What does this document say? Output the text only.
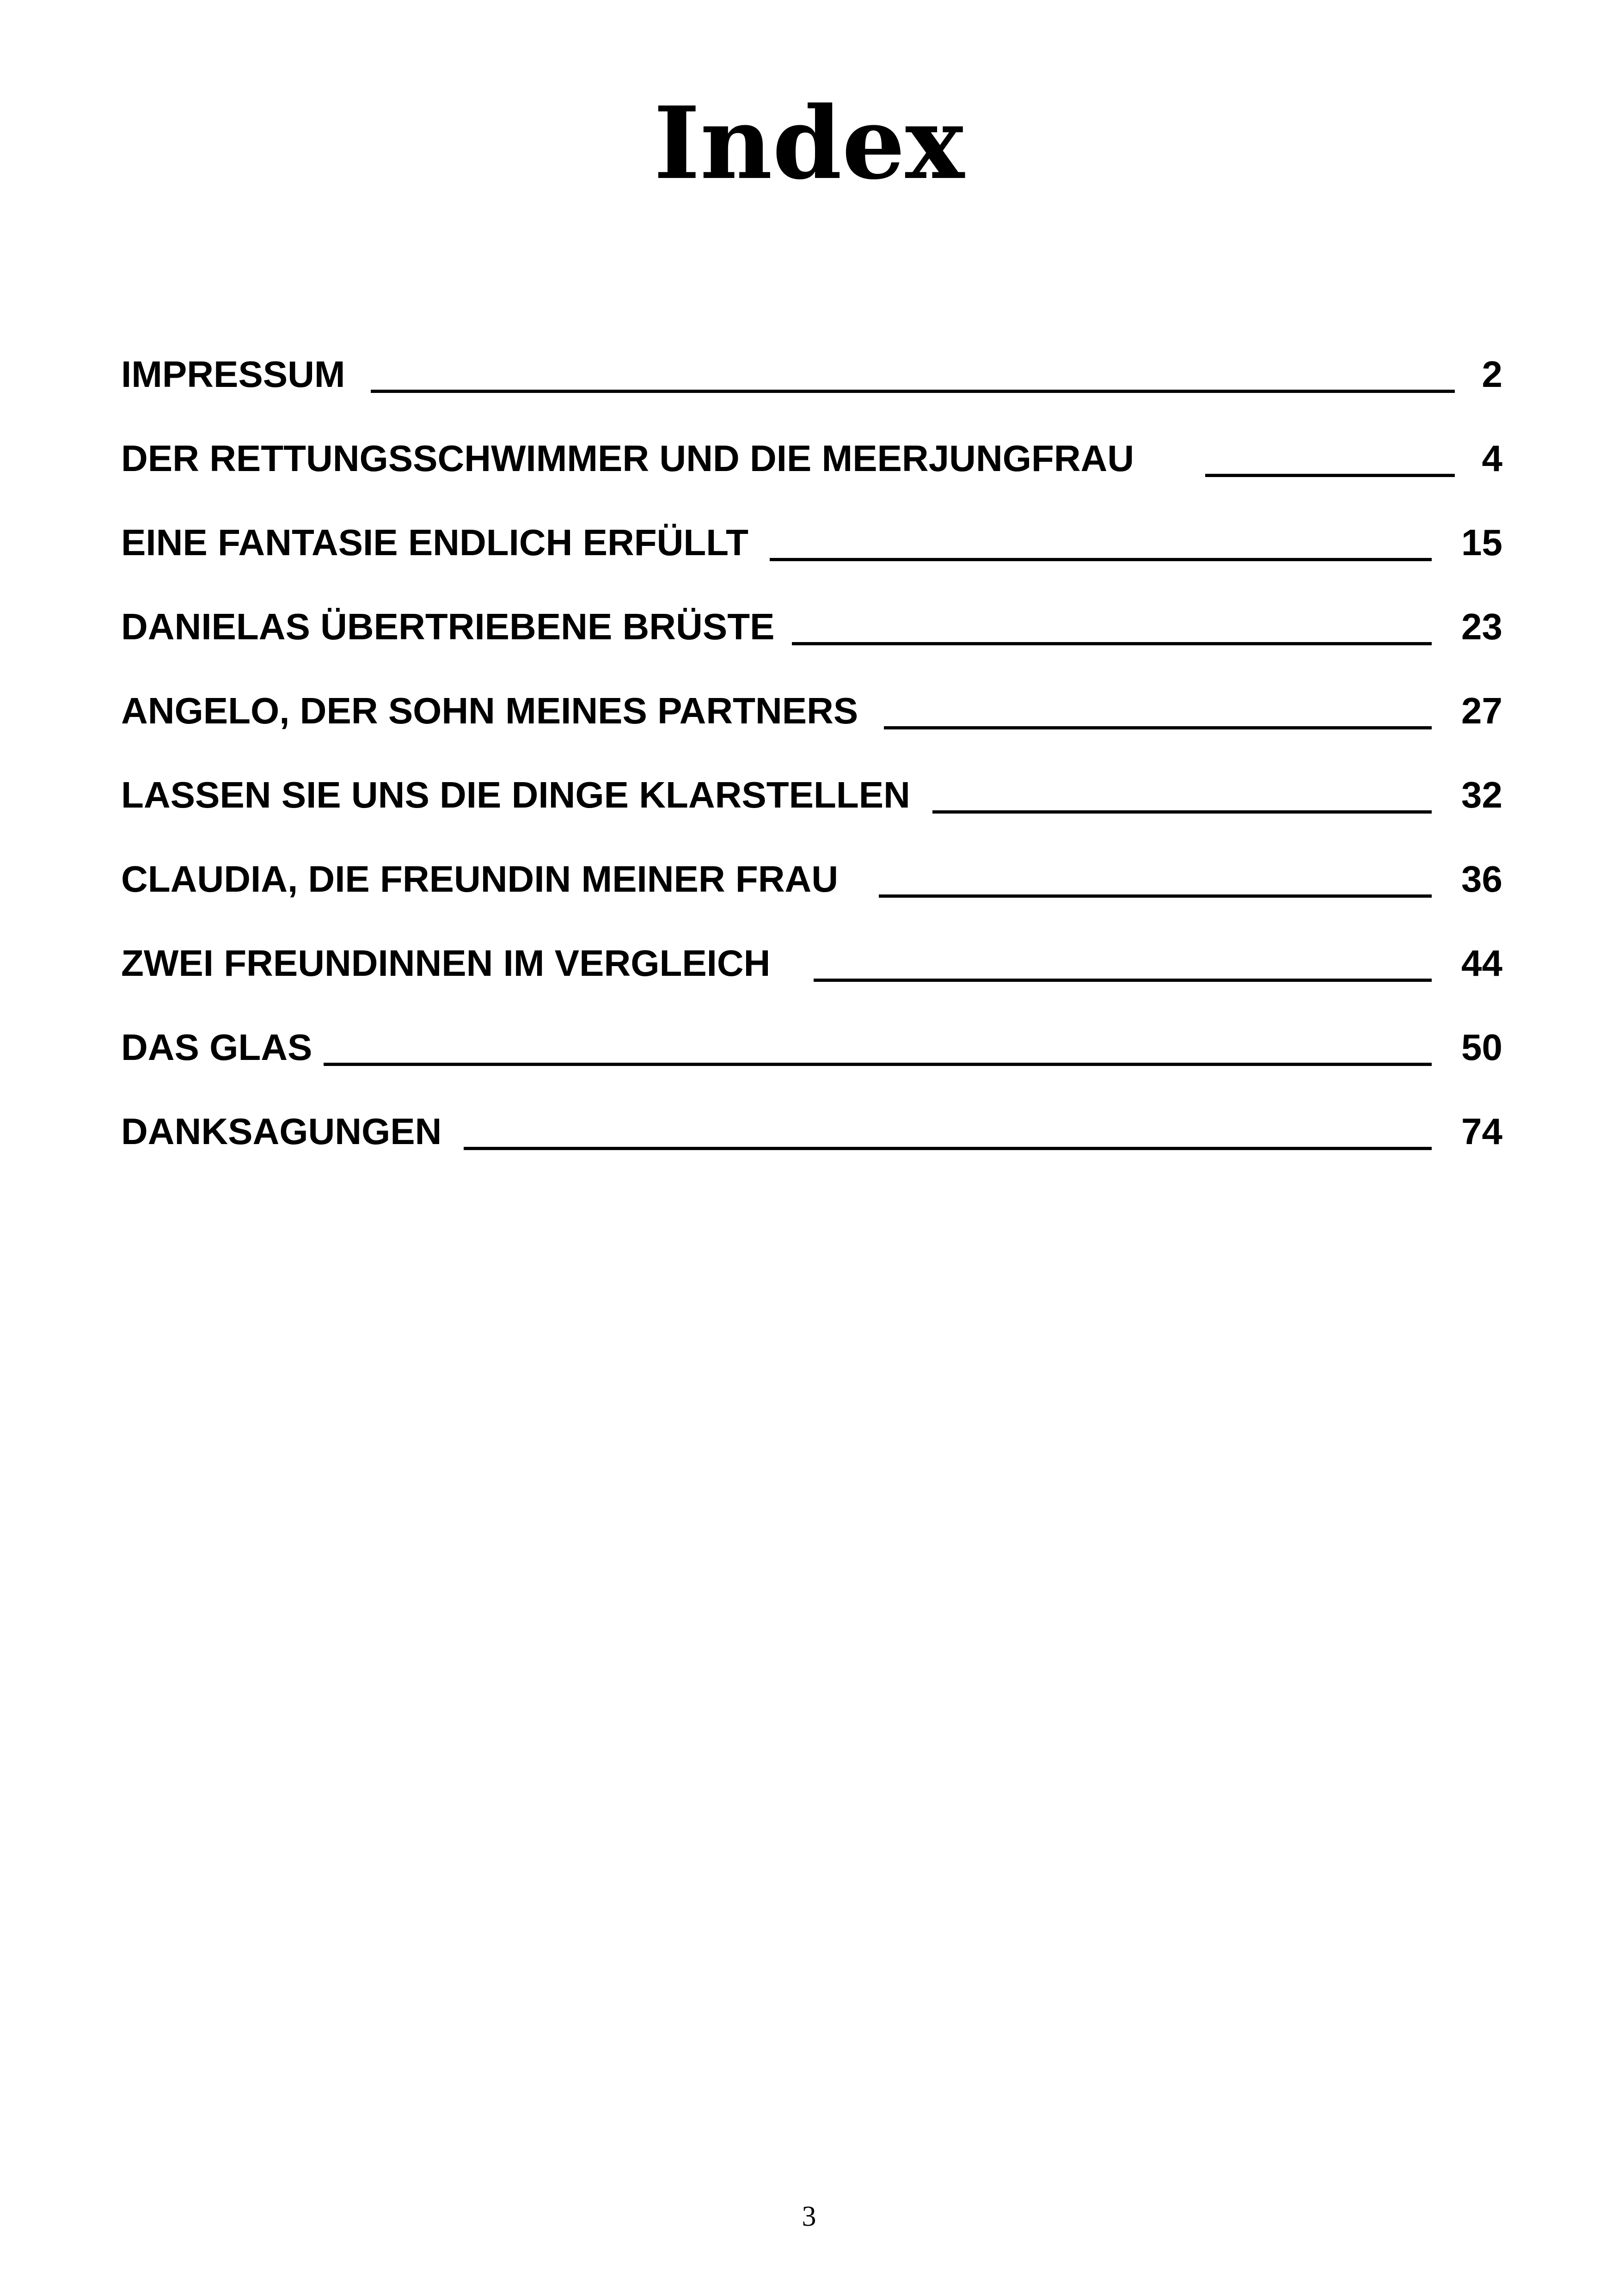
Index
IMPRESSUM	2
DER RETTUNGSSCHWIMMER UND DIE MEERJUNGFRAU	4
EINE FANTASIE ENDLICH ERFÜLLT	15
DANIELAS ÜBERTRIEBENE BRÜSTE	23
ANGELO, DER SOHN MEINES PARTNERS	27
LASSEN SIE UNS DIE DINGE KLARSTELLEN	32
CLAUDIA, DIE FREUNDIN MEINER FRAU	36
ZWEI FREUNDINNEN IM VERGLEICH	44
DAS GLAS	50
DANKSAGUNGEN	74
3
